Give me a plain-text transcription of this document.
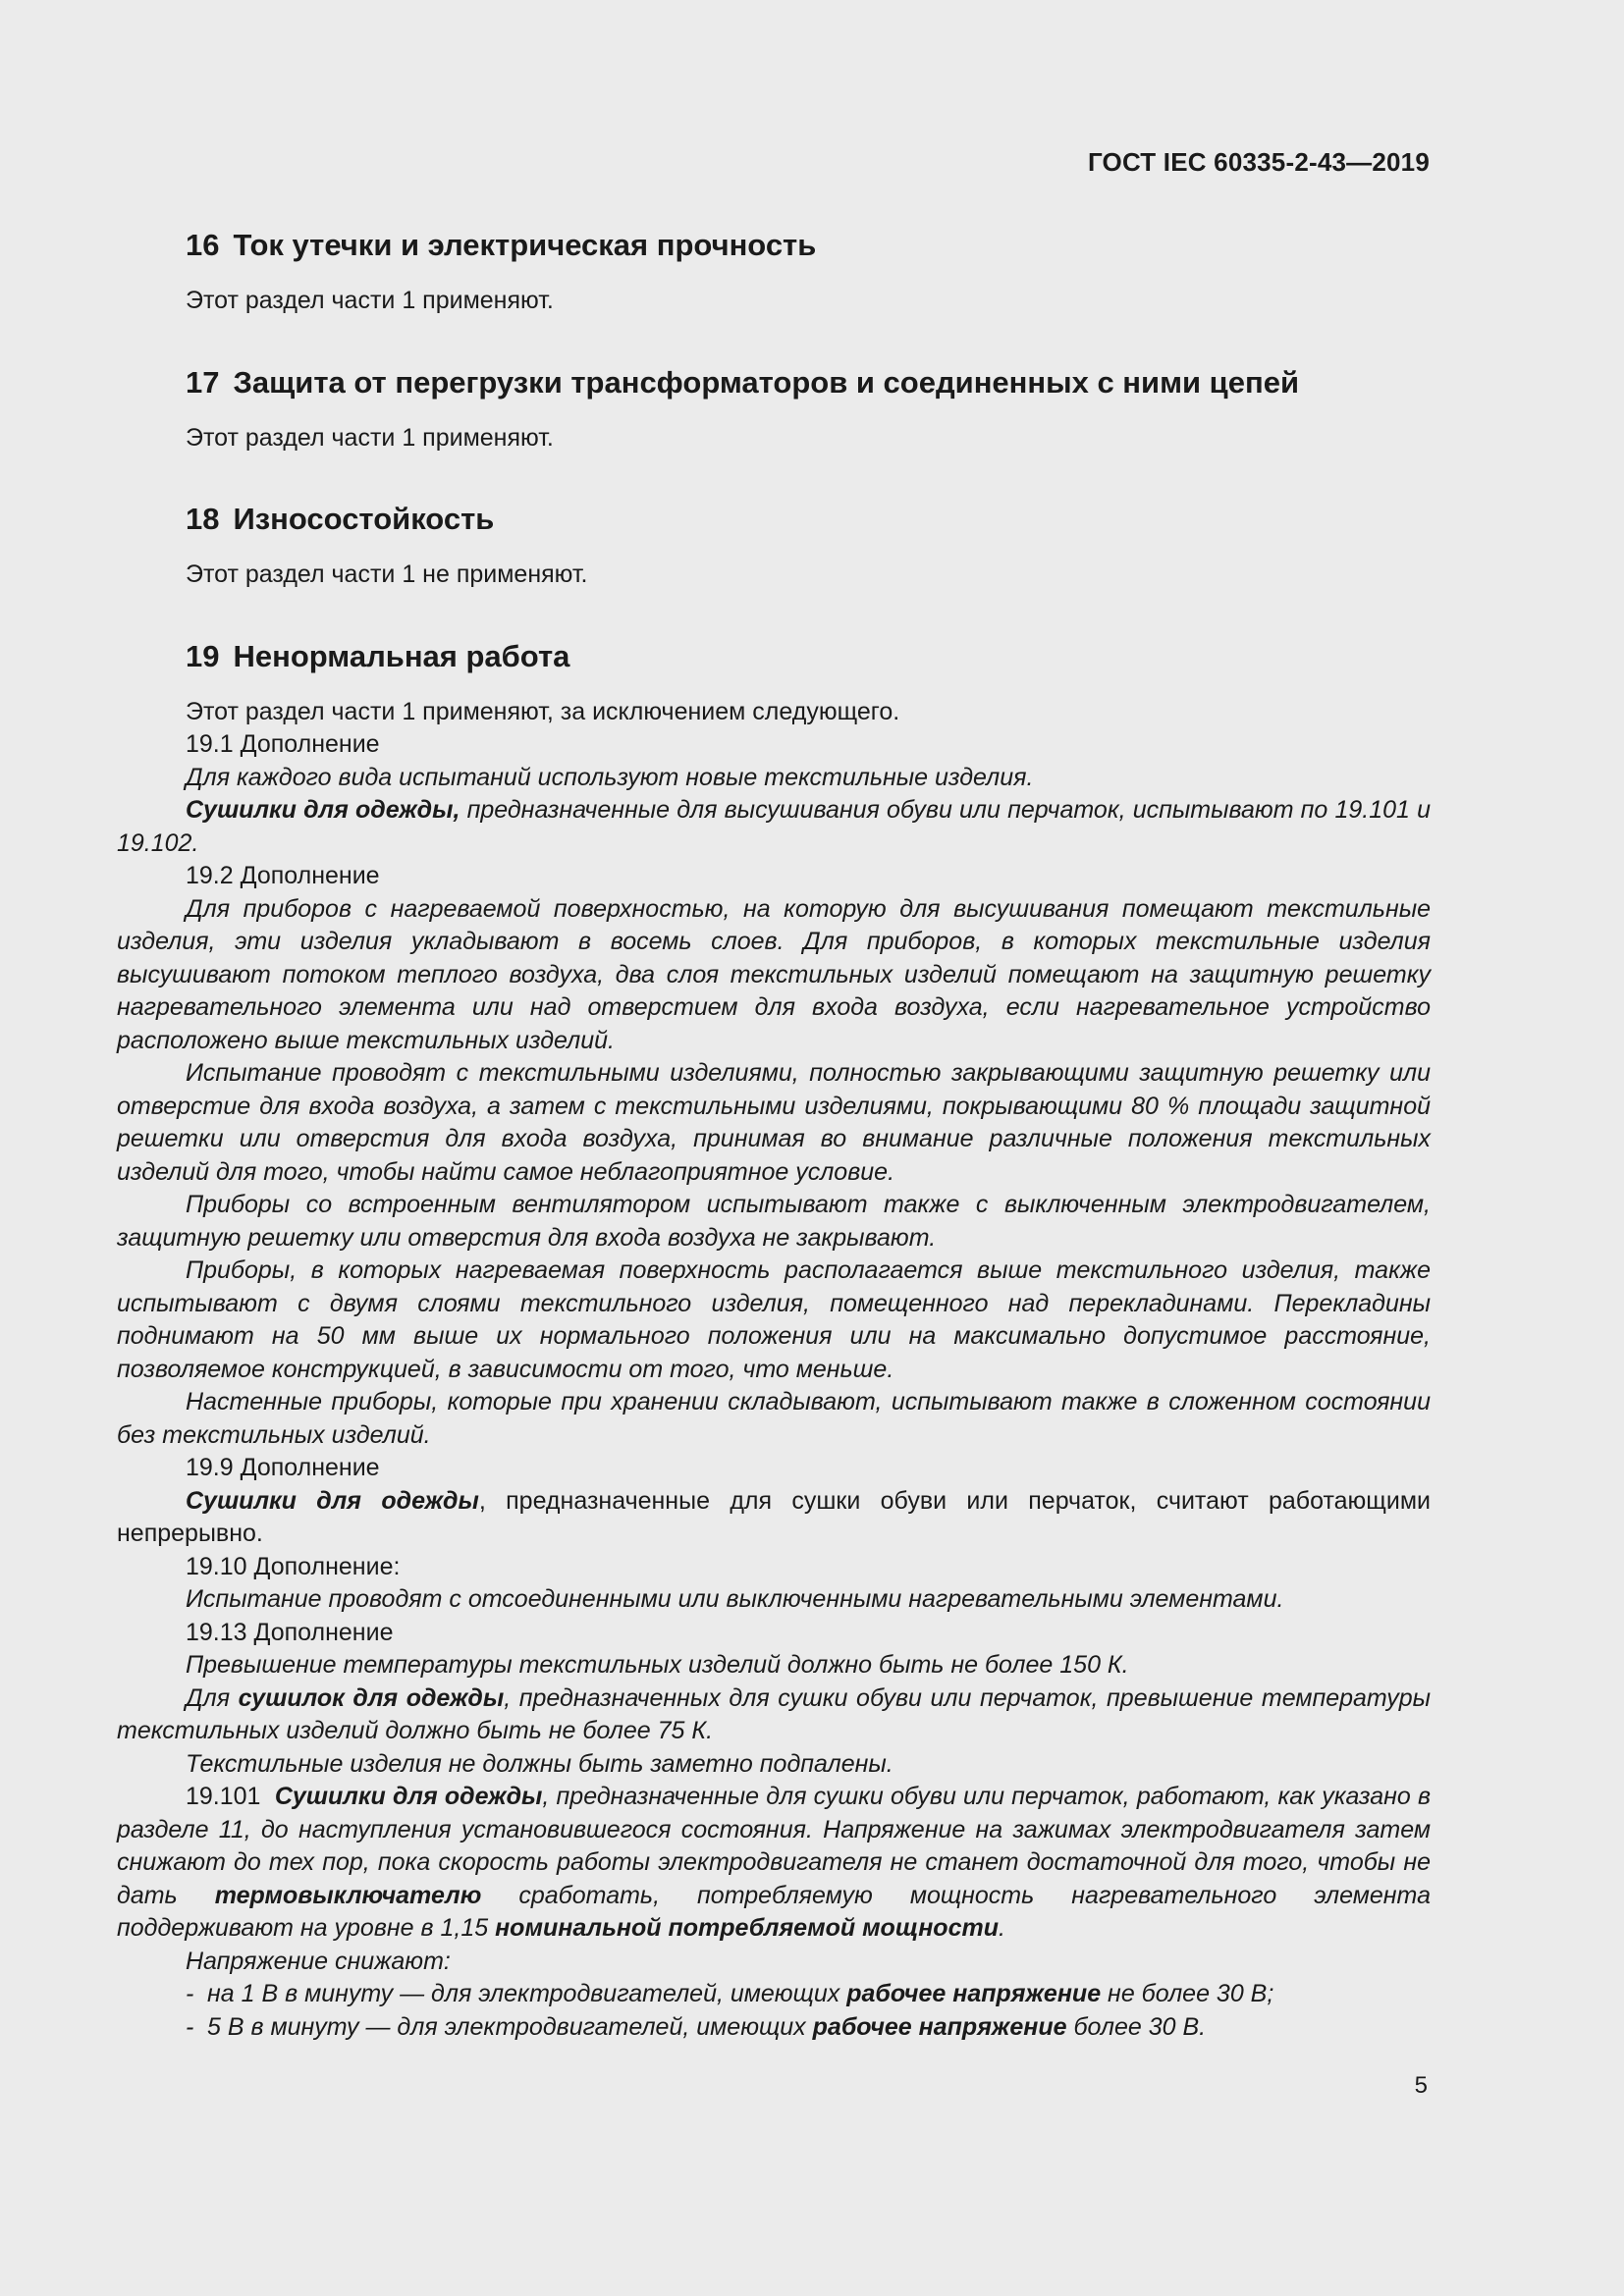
ГОСТ IEC 60335-2-43—2019
16 Ток утечки и электрическая прочность

Этот раздел части 1 применяют.

17 Защита от перегрузки трансформаторов и соединенных с ними цепей

Этот раздел части 1 применяют.

18 Износостойкость

Этот раздел части 1 не применяют.

19 Ненормальная работа

Этот раздел части 1 применяют, за исключением следующего.

19.1 Дополнение

Для каждого вида испытаний используют новые текстильные изделия.

Сушилки для одежды, предназначенные для высушивания обуви или перчаток, испытывают по 19.101 и 19.102.

19.2 Дополнение

Для приборов с нагреваемой поверхностью, на которую для высушивания помещают текстильные изделия, эти изделия укладывают в восемь слоев. Для приборов, в которых текстильные изделия высушивают потоком теплого воздуха, два слоя текстильных изделий помещают на защитную решетку нагревательного элемента или над отверстием для входа воздуха, если нагревательное устройство расположено выше текстильных изделий.

Испытание проводят с текстильными изделиями, полностью закрывающими защитную решетку или отверстие для входа воздуха, а затем с текстильными изделиями, покрывающими 80 % площади защитной решетки или отверстия для входа воздуха, принимая во внимание различные положения текстильных изделий для того, чтобы найти самое неблагоприятное условие.

Приборы со встроенным вентилятором испытывают также с выключенным электродвигателем, защитную решетку или отверстия для входа воздуха не закрывают.

Приборы, в которых нагреваемая поверхность располагается выше текстильного изделия, также испытывают с двумя слоями текстильного изделия, помещенного над перекладинами. Перекладины поднимают на 50 мм выше их нормального положения или на максимально допустимое расстояние, позволяемое конструкцией, в зависимости от того, что меньше.

Настенные приборы, которые при хранении складывают, испытывают также в сложенном состоянии без текстильных изделий.

19.9 Дополнение

Сушилки для одежды, предназначенные для сушки обуви или перчаток, считают работающими непрерывно.

19.10 Дополнение:

Испытание проводят с отсоединенными или выключенными нагревательными элементами.

19.13 Дополнение

Превышение температуры текстильных изделий должно быть не более 150 К.

Для сушилок для одежды, предназначенных для сушки обуви или перчаток, превышение температуры текстильных изделий должно быть не более 75 К.

Текстильные изделия не должны быть заметно подпалены.

19.101 Сушилки для одежды, предназначенные для сушки обуви или перчаток, работают, как указано в разделе 11, до наступления установившегося состояния. Напряжение на зажимах электродвигателя затем снижают до тех пор, пока скорость работы электродвигателя не станет достаточной для того, чтобы не дать термовыключателю сработать, потребляемую мощность нагревательного элемента поддерживают на уровне в 1,15 номинальной потребляемой мощности.

Напряжение снижают:

- на 1 В в минуту — для электродвигателей, имеющих рабочее напряжение не более 30 В;

- 5 В в минуту — для электродвигателей, имеющих рабочее напряжение более 30 В.

5
